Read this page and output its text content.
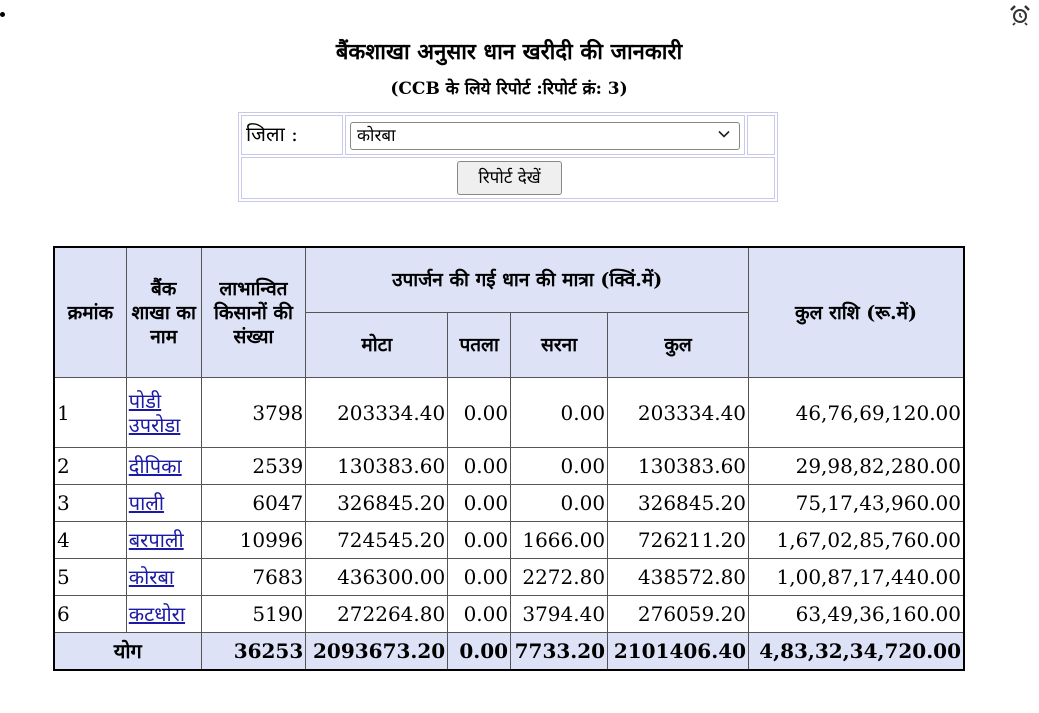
बैंकशाखा अनुसार धान खरीदी की जानकारी
(CCB के लिये रिपोर्ट :रिपोर्ट क्रं: 3)
जिला :	कोरबा
रिपोर्ट देखें
क्रमांक	बैंक शाखा का नाम	लाभान्वित किसानों की संख्या	उपार्जन की गई धान की मात्रा (क्विं.में)				कुल राशि (रू.में)
			मोटा	पतला	सरना	कुल	
1	पोडी उपरोडा	3798	203334.40	0.00	0.00	203334.40	46,76,69,120.00
2	दीपिका	2539	130383.60	0.00	0.00	130383.60	29,98,82,280.00
3	पाली	6047	326845.20	0.00	0.00	326845.20	75,17,43,960.00
4	बरपाली	10996	724545.20	0.00	1666.00	726211.20	1,67,02,85,760.00
5	कोरबा	7683	436300.00	0.00	2272.80	438572.80	1,00,87,17,440.00
6	कटधोरा	5190	272264.80	0.00	3794.40	276059.20	63,49,36,160.00
योग		36253	2093673.20	0.00	7733.20	2101406.40	4,83,32,34,720.00
